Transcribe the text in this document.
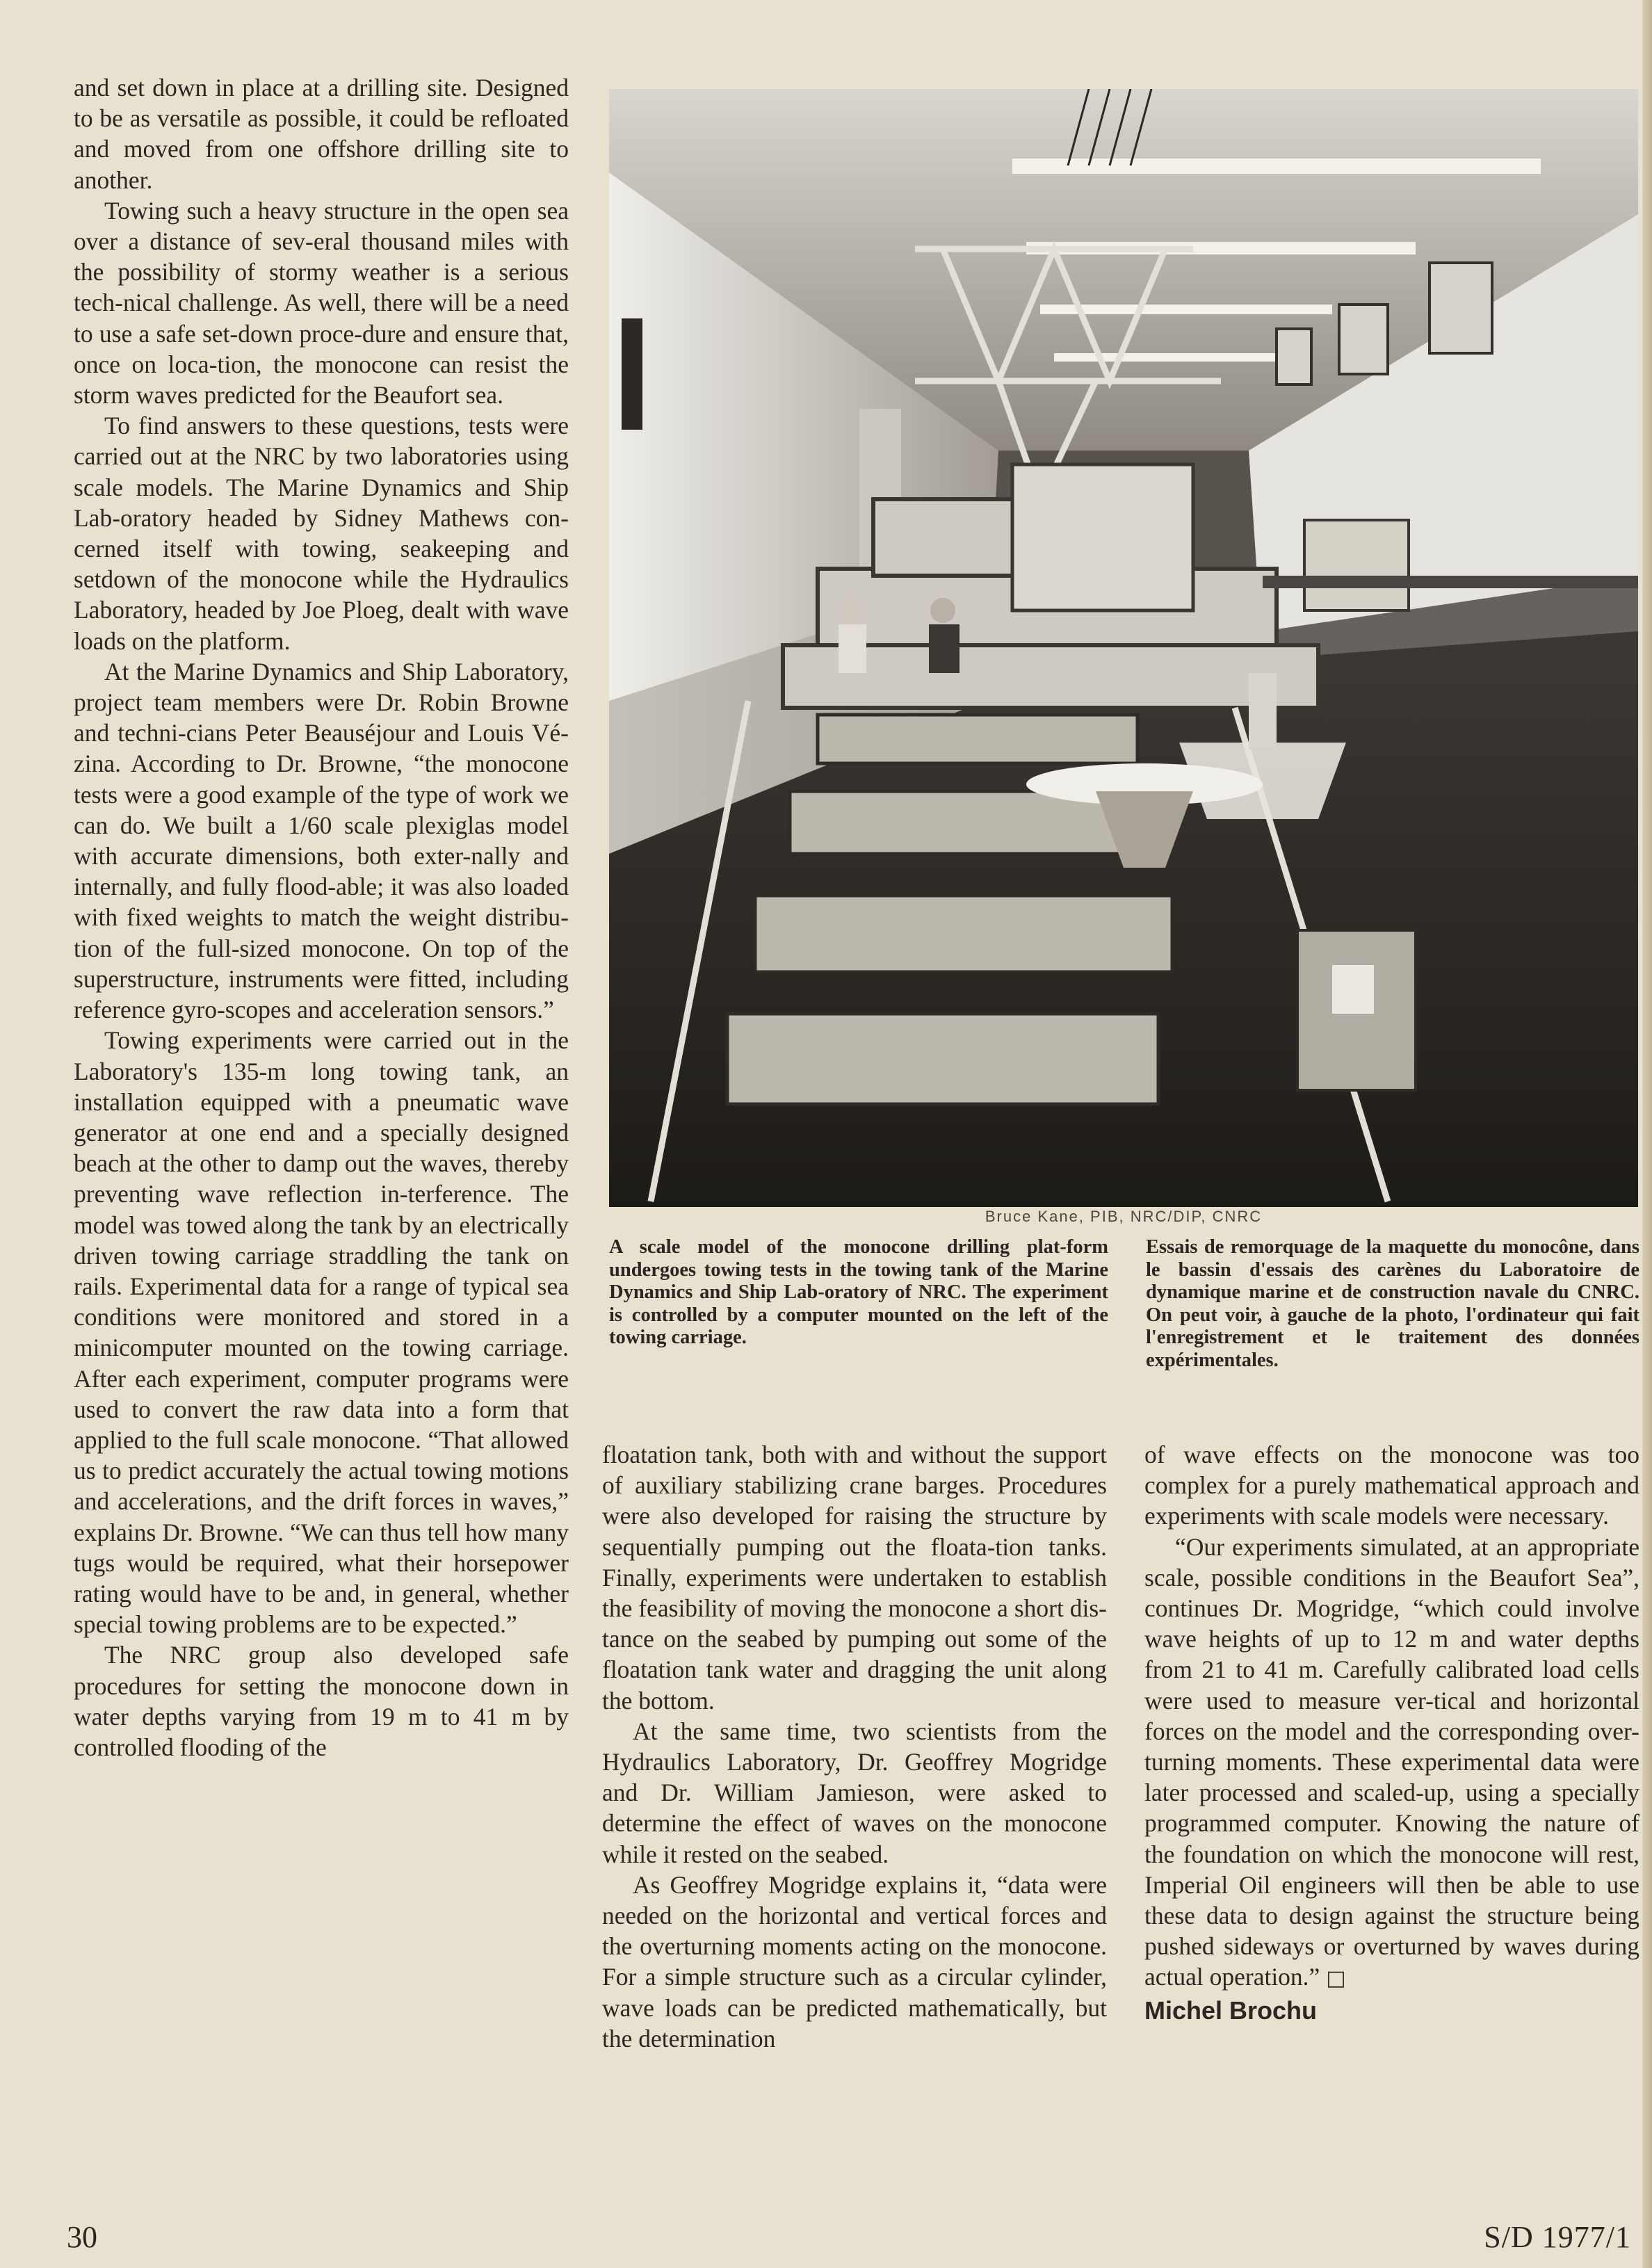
and set down in place at a drilling site. Designed to be as versatile as possible, it could be refloated and moved from one offshore drilling site to another.

Towing such a heavy structure in the open sea over a distance of sev-eral thousand miles with the possibility of stormy weather is a serious tech-nical challenge. As well, there will be a need to use a safe set-down proce-dure and ensure that, once on loca-tion, the monocone can resist the storm waves predicted for the Beaufort sea.

To find answers to these questions, tests were carried out at the NRC by two laboratories using scale models. The Marine Dynamics and Ship Lab-oratory headed by Sidney Mathews con-cerned itself with towing, seakeeping and setdown of the monocone while the Hydraulics Laboratory, headed by Joe Ploeg, dealt with wave loads on the platform.

At the Marine Dynamics and Ship Laboratory, project team members were Dr. Robin Browne and techni-cians Peter Beauséjour and Louis Vé-zina. According to Dr. Browne, “the monocone tests were a good example of the type of work we can do. We built a 1/60 scale plexiglas model with accurate dimensions, both exter-nally and internally, and fully flood-able; it was also loaded with fixed weights to match the weight distribu-tion of the full-sized monocone. On top of the superstructure, instruments were fitted, including reference gyro-scopes and acceleration sensors.”

Towing experiments were carried out in the Laboratory's 135-m long towing tank, an installation equipped with a pneumatic wave generator at one end and a specially designed beach at the other to damp out the waves, thereby preventing wave reflection in-terference. The model was towed along the tank by an electrically driven towing carriage straddling the tank on rails. Experimental data for a range of typical sea conditions were monitored and stored in a minicomputer mounted on the towing carriage. After each experiment, computer programs were used to convert the raw data into a form that applied to the full scale monocone. “That allowed us to predict accurately the actual towing motions and accelerations, and the drift forces in waves,” explains Dr. Browne. “We can thus tell how many tugs would be required, what their horsepower rating would have to be and, in general, whether special towing problems are to be expected.”

The NRC group also developed safe procedures for setting the monocone down in water depths varying from 19 m to 41 m by controlled flooding of the

Bruce Kane, PIB, NRC/DIP, CNRC
A scale model of the monocone drilling plat-form undergoes towing tests in the towing tank of the Marine Dynamics and Ship Lab-oratory of NRC. The experiment is controlled by a computer mounted on the left of the towing carriage.
Essais de remorquage de la maquette du monocône, dans le bassin d'essais des carènes du Laboratoire de dynamique marine et de construction navale du CNRC. On peut voir, à gauche de la photo, l'ordinateur qui fait l'enregistrement et le traitement des données expérimentales.

floatation tank, both with and without the support of auxiliary stabilizing crane barges. Procedures were also developed for raising the structure by sequentially pumping out the floata-tion tanks. Finally, experiments were undertaken to establish the feasibility of moving the monocone a short dis-tance on the seabed by pumping out some of the floatation tank water and dragging the unit along the bottom.

At the same time, two scientists from the Hydraulics Laboratory, Dr. Geoffrey Mogridge and Dr. William Jamieson, were asked to determine the effect of waves on the monocone while it rested on the seabed.

As Geoffrey Mogridge explains it, “data were needed on the horizontal and vertical forces and the overturning moments acting on the monocone. For a simple structure such as a circular cylinder, wave loads can be predicted mathematically, but the determination

of wave effects on the monocone was too complex for a purely mathematical approach and experiments with scale models were necessary.

“Our experiments simulated, at an appropriate scale, possible conditions in the Beaufort Sea”, continues Dr. Mogridge, “which could involve wave heights of up to 12 m and water depths from 21 to 41 m. Carefully calibrated load cells were used to measure ver-tical and horizontal forces on the model and the corresponding over-turning moments. These experimental data were later processed and scaled-up, using a specially programmed computer. Knowing the nature of the foundation on which the monocone will rest, Imperial Oil engineers will then be able to use these data to design against the structure being pushed sideways or overturned by waves during actual operation.” □

Michel Brochu

30	S/D 1977/1
